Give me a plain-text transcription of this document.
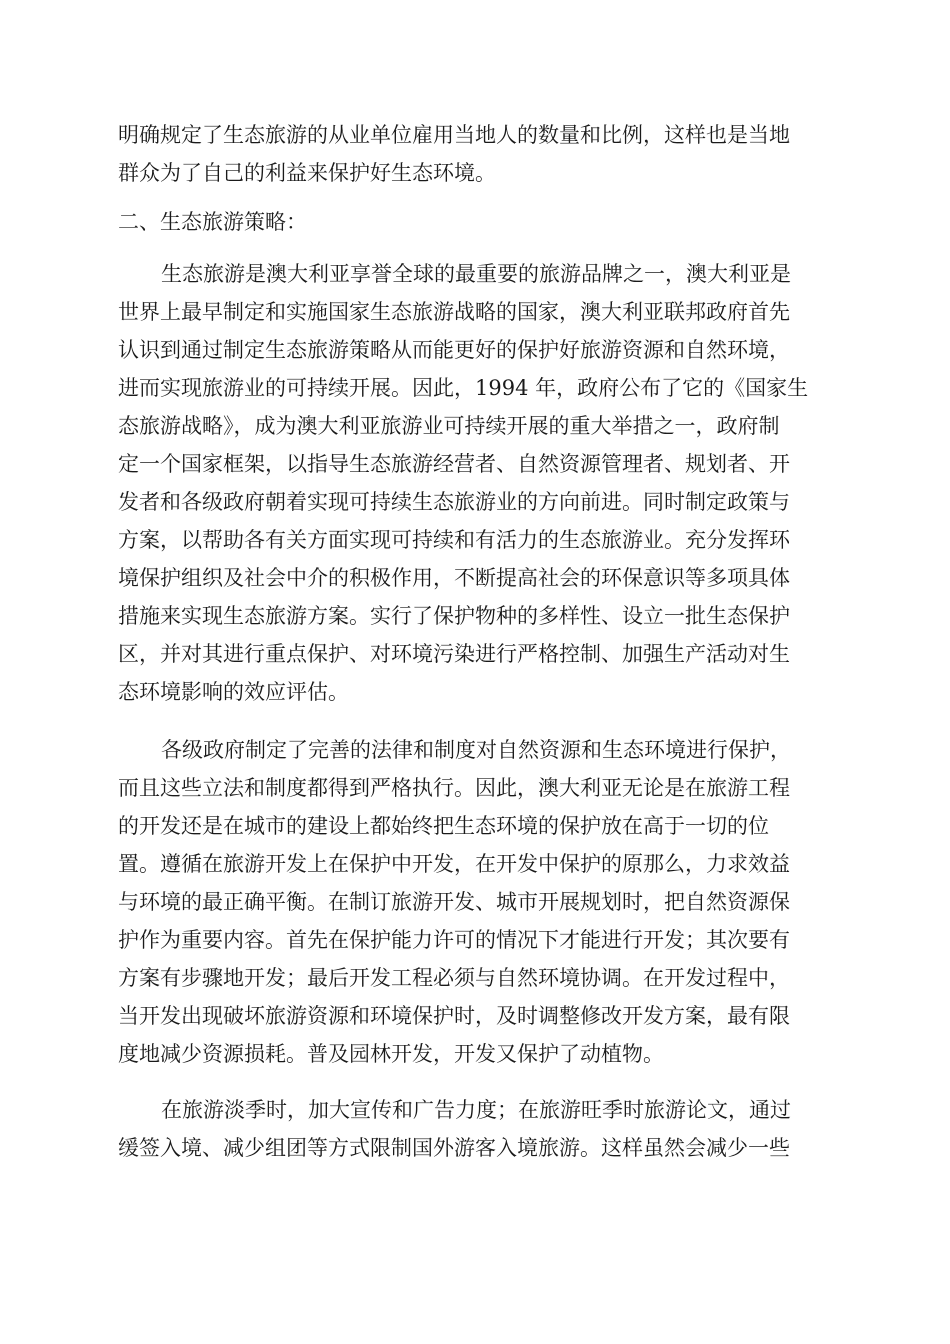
明确规定了生态旅游的从业单位雇用当地人的数量和比例，这样也是当地
群众为了自己的利益来保护好生态环境。
二、生态旅游策略：
生态旅游是澳大利亚享誉全球的最重要的旅游品牌之一，澳大利亚是
世界上最早制定和实施国家生态旅游战略的国家，澳大利亚联邦政府首先
认识到通过制定生态旅游策略从而能更好的保护好旅游资源和自然环境，
进而实现旅游业的可持续开展。因此，1994 年，政府公布了它的《国家生
态旅游战略》，成为澳大利亚旅游业可持续开展的重大举措之一，政府制
定一个国家框架，以指导生态旅游经营者、自然资源管理者、规划者、开
发者和各级政府朝着实现可持续生态旅游业的方向前进。同时制定政策与
方案，以帮助各有关方面实现可持续和有活力的生态旅游业。充分发挥环
境保护组织及社会中介的积极作用，不断提高社会的环保意识等多项具体
措施来实现生态旅游方案。实行了保护物种的多样性、设立一批生态保护
区，并对其进行重点保护、对环境污染进行严格控制、加强生产活动对生
态环境影响的效应评估。
各级政府制定了完善的法律和制度对自然资源和生态环境进行保护，
而且这些立法和制度都得到严格执行。因此，澳大利亚无论是在旅游工程
的开发还是在城市的建设上都始终把生态环境的保护放在高于一切的位
置。遵循在旅游开发上在保护中开发，在开发中保护的原那么，力求效益
与环境的最正确平衡。在制订旅游开发、城市开展规划时，把自然资源保
护作为重要内容。首先在保护能力许可的情况下才能进行开发；其次要有
方案有步骤地开发；最后开发工程必须与自然环境协调。在开发过程中，
当开发出现破坏旅游资源和环境保护时，及时调整修改开发方案，最有限
度地减少资源损耗。普及园林开发，开发又保护了动植物。
在旅游淡季时，加大宣传和广告力度；在旅游旺季时旅游论文，通过
缓签入境、减少组团等方式限制国外游客入境旅游。这样虽然会减少一些
